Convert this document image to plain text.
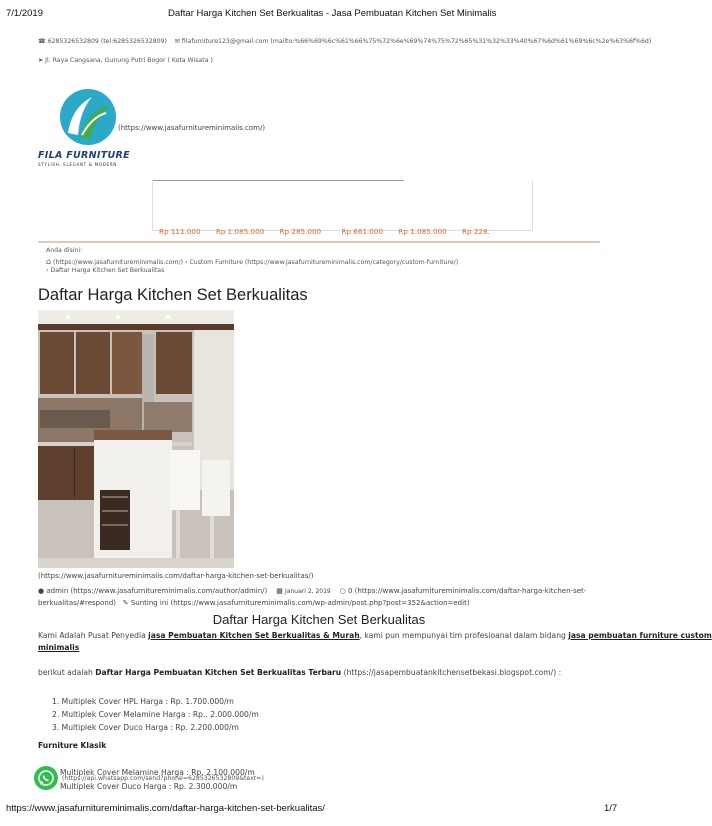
7/1/2019	Daftar Harga Kitchen Set Berkualitas - Jasa Pembuatan Kitchen Set Minimalis
☎ 6285326532809 (tel:6285326532809) ✉ filafurniture123@gmail.com (mailto:%66%69%6c%61%66%75%72%6e%69%74%75%72%65%31%32%33%40%67%6d%61%69%6c%2e%63%6f%6d)
➤ Jl. Raya Cangsana, Gunung Putri Bogor ( Kota Wisata )
FILA FURNITURE
STYLISH, ELEGANT & MODERN
(https://www.jasafurnitureminimalis.com/)
Rp 111.000 Rp 1.085.000 Rp 285.000	Rp 661.000 Rp 1.085.000 Rp 228.
Anda disini:
⌂ (https://www.jasafurnitureminimalis.com/) › Custom Furniture (https://www.jasafurnitureminimalis.com/category/custom-furniture/)
› Daftar Harga Kitchen Set Berkualitas
Daftar Harga Kitchen Set Berkualitas
(https://www.jasafurnitureminimalis.com/daftar-harga-kitchen-set-berkualitas/)
● admin (https://www.jasafurnitureminimalis.com/author/admin/) ▦ Januari 2, 2019 ○ 0 (https://www.jasafurnitureminimalis.com/daftar-harga-kitchen-set-
berkualitas/#respond) ✎ Sunting ini (https://www.jasafurnitureminimalis.com/wp-admin/post.php?post=352&action=edit)
Daftar Harga Kitchen Set Berkualitas
Kami Adalah Pusat Penyedia jasa Pembuatan Kitchen Set Berkualitas & Murah, kami pun mempunyai tim profesioanal dalam bidang jasa pembuatan furniture custom
minimalis
berikut adalah Daftar Harga Pembuatan Kitchen Set Berkualitas Terbaru (https://jasapembuatankitchensetbekasi.blogspot.com/) :
1. Multiplek Cover HPL Harga : Rp. 1.700.000/m
2. Multiplek Cover Melamine Harga : Rp.. 2.000.000/m
3. Multiplek Cover Duco Harga : Rp. 2.200.000/m
Furniture Klasik
Multiplek Cover Melamine Harga : Rp. 2.100.000/m
Multiplek Cover Duco Harga : Rp. 2.300.000/m
(https://api.whatsapp.com/send?phone=6285326532809&text=)
https://www.jasafurnitureminimalis.com/daftar-harga-kitchen-set-berkualitas/	1/7
